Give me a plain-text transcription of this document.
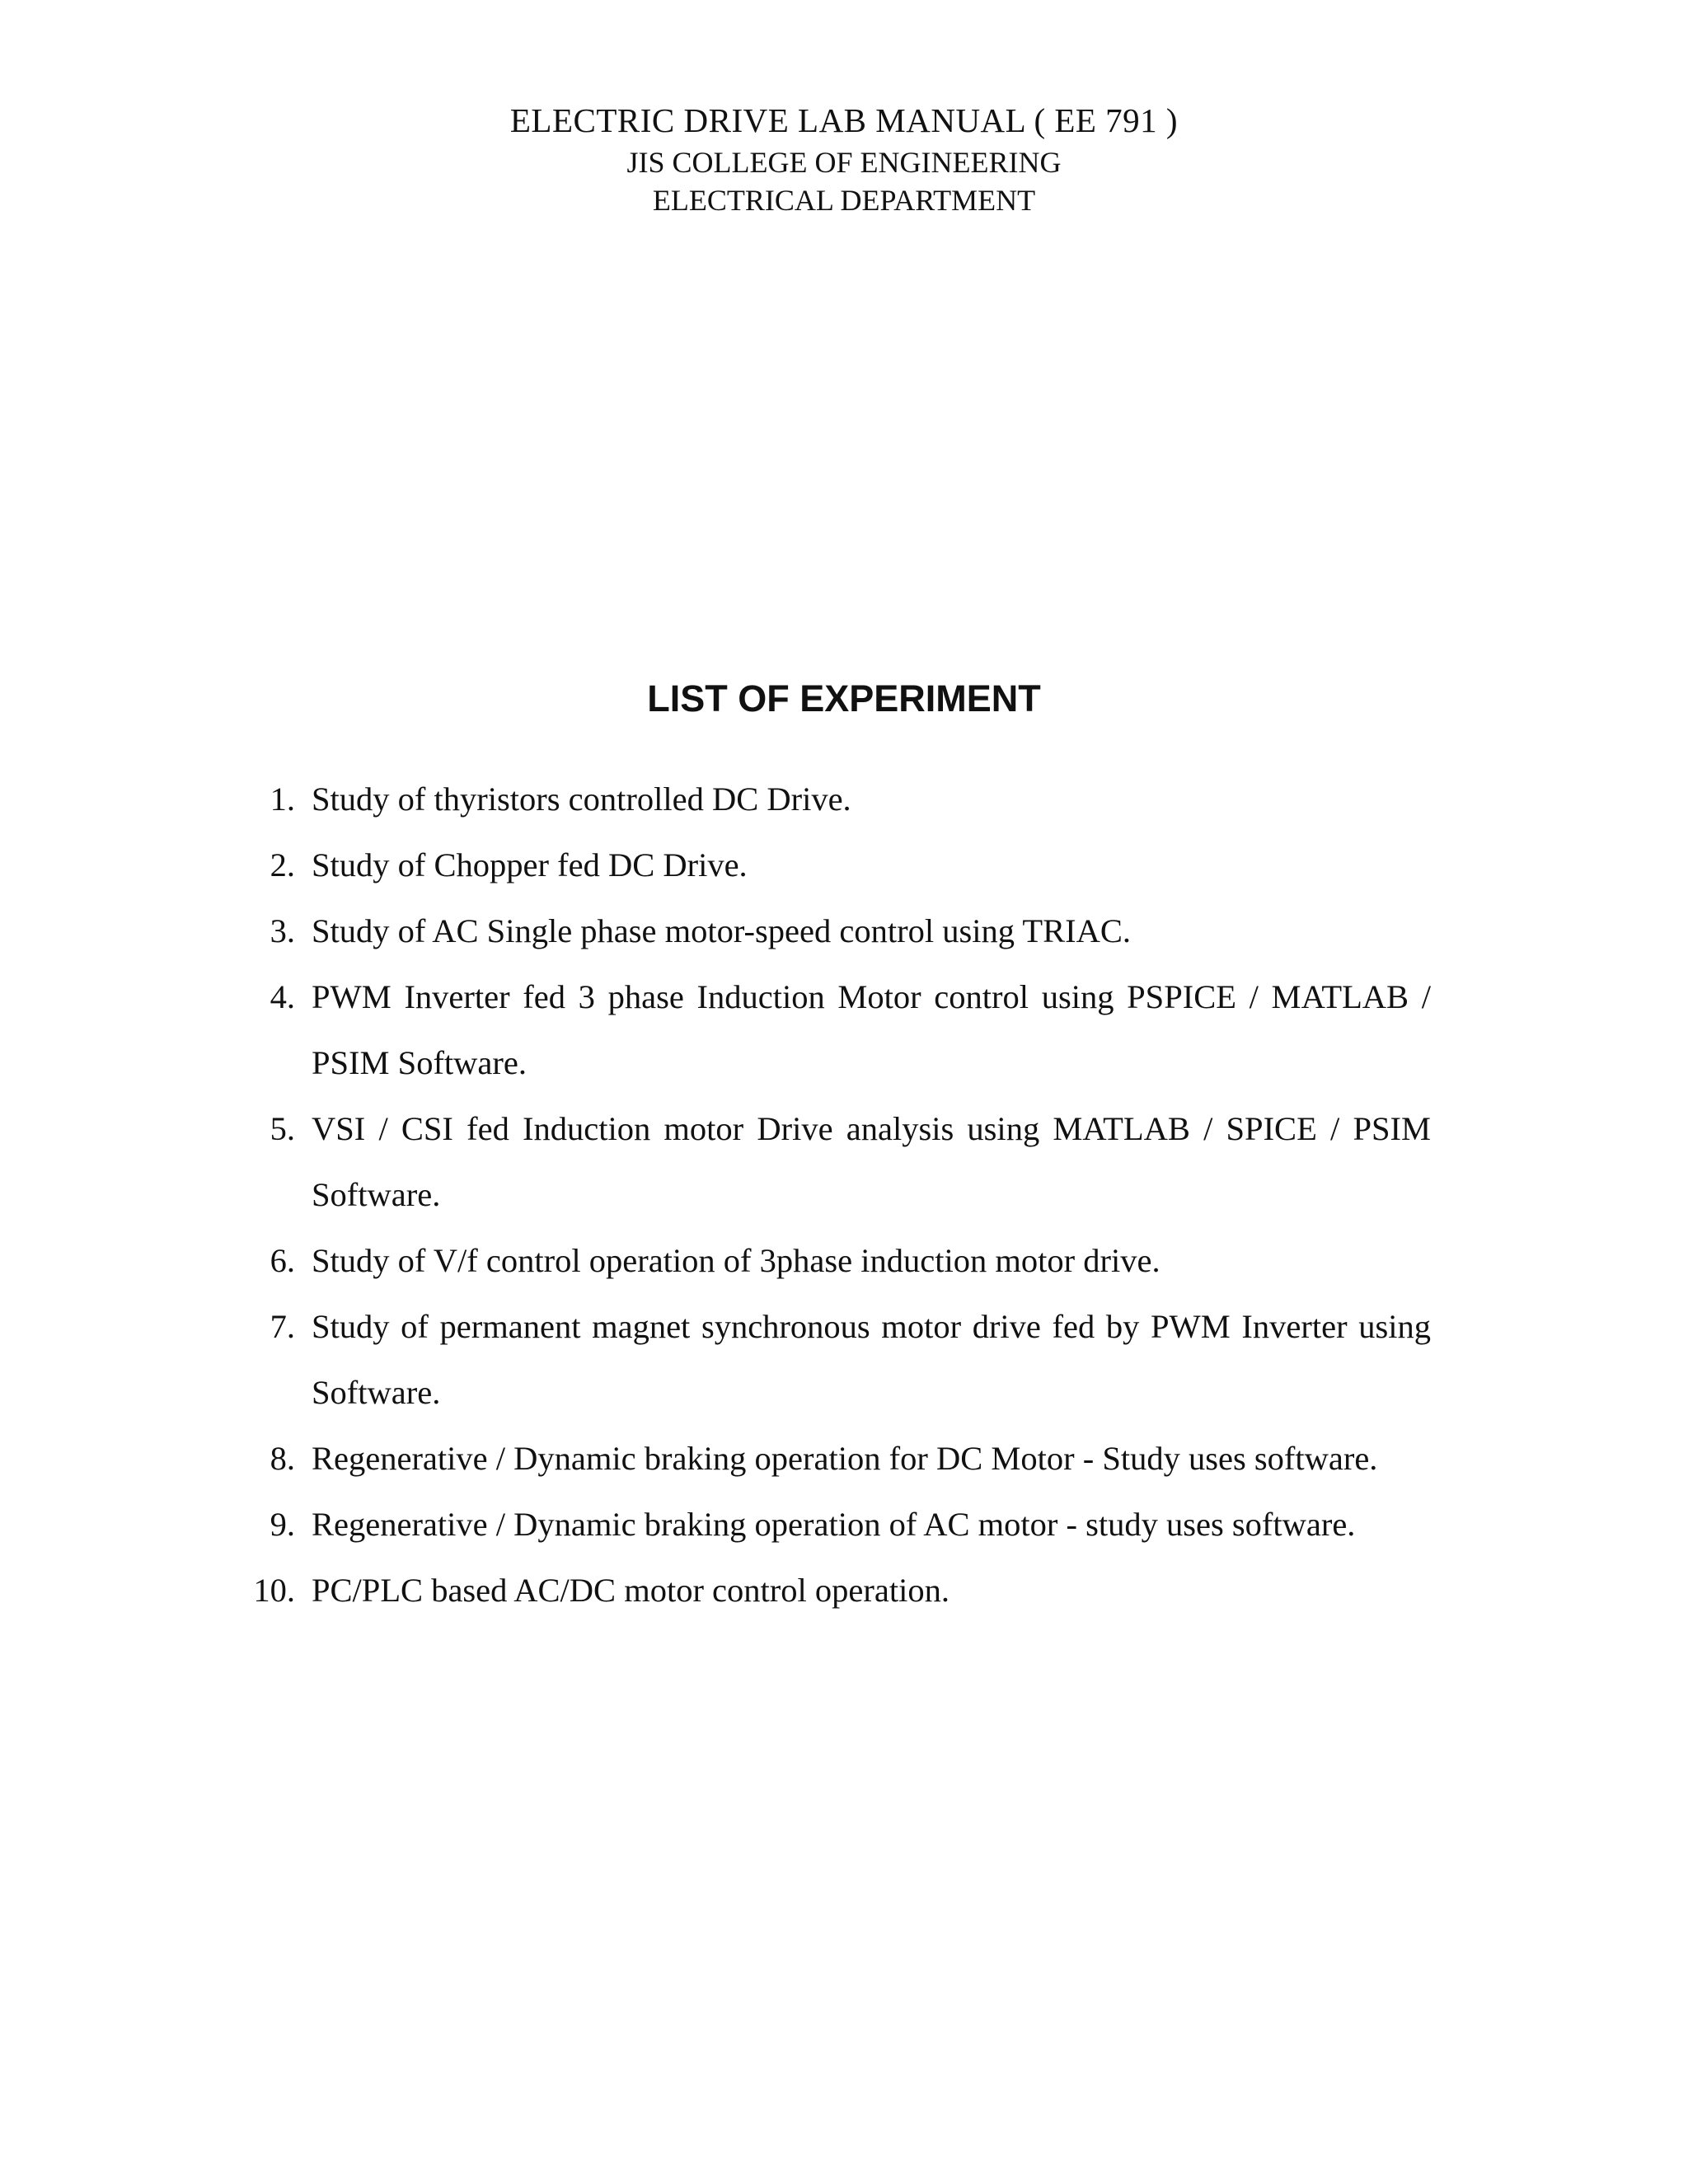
ELECTRIC DRIVE LAB MANUAL ( EE 791 )
JIS COLLEGE OF ENGINEERING
ELECTRICAL DEPARTMENT
LIST OF EXPERIMENT
1. Study of thyristors controlled DC Drive.
2. Study of Chopper fed DC Drive.
3. Study of AC Single phase motor-speed control using TRIAC.
4. PWM Inverter fed 3 phase Induction Motor control using PSPICE / MATLAB / PSIM Software.
5. VSI / CSI fed Induction motor Drive analysis using MATLAB / SPICE / PSIM Software.
6. Study of V/f control operation of 3phase induction motor drive.
7. Study of permanent magnet synchronous motor drive fed by PWM Inverter using Software.
8. Regenerative / Dynamic braking operation for DC Motor - Study uses software.
9. Regenerative / Dynamic braking operation of AC motor - study uses software.
10. PC/PLC based AC/DC motor control operation.
